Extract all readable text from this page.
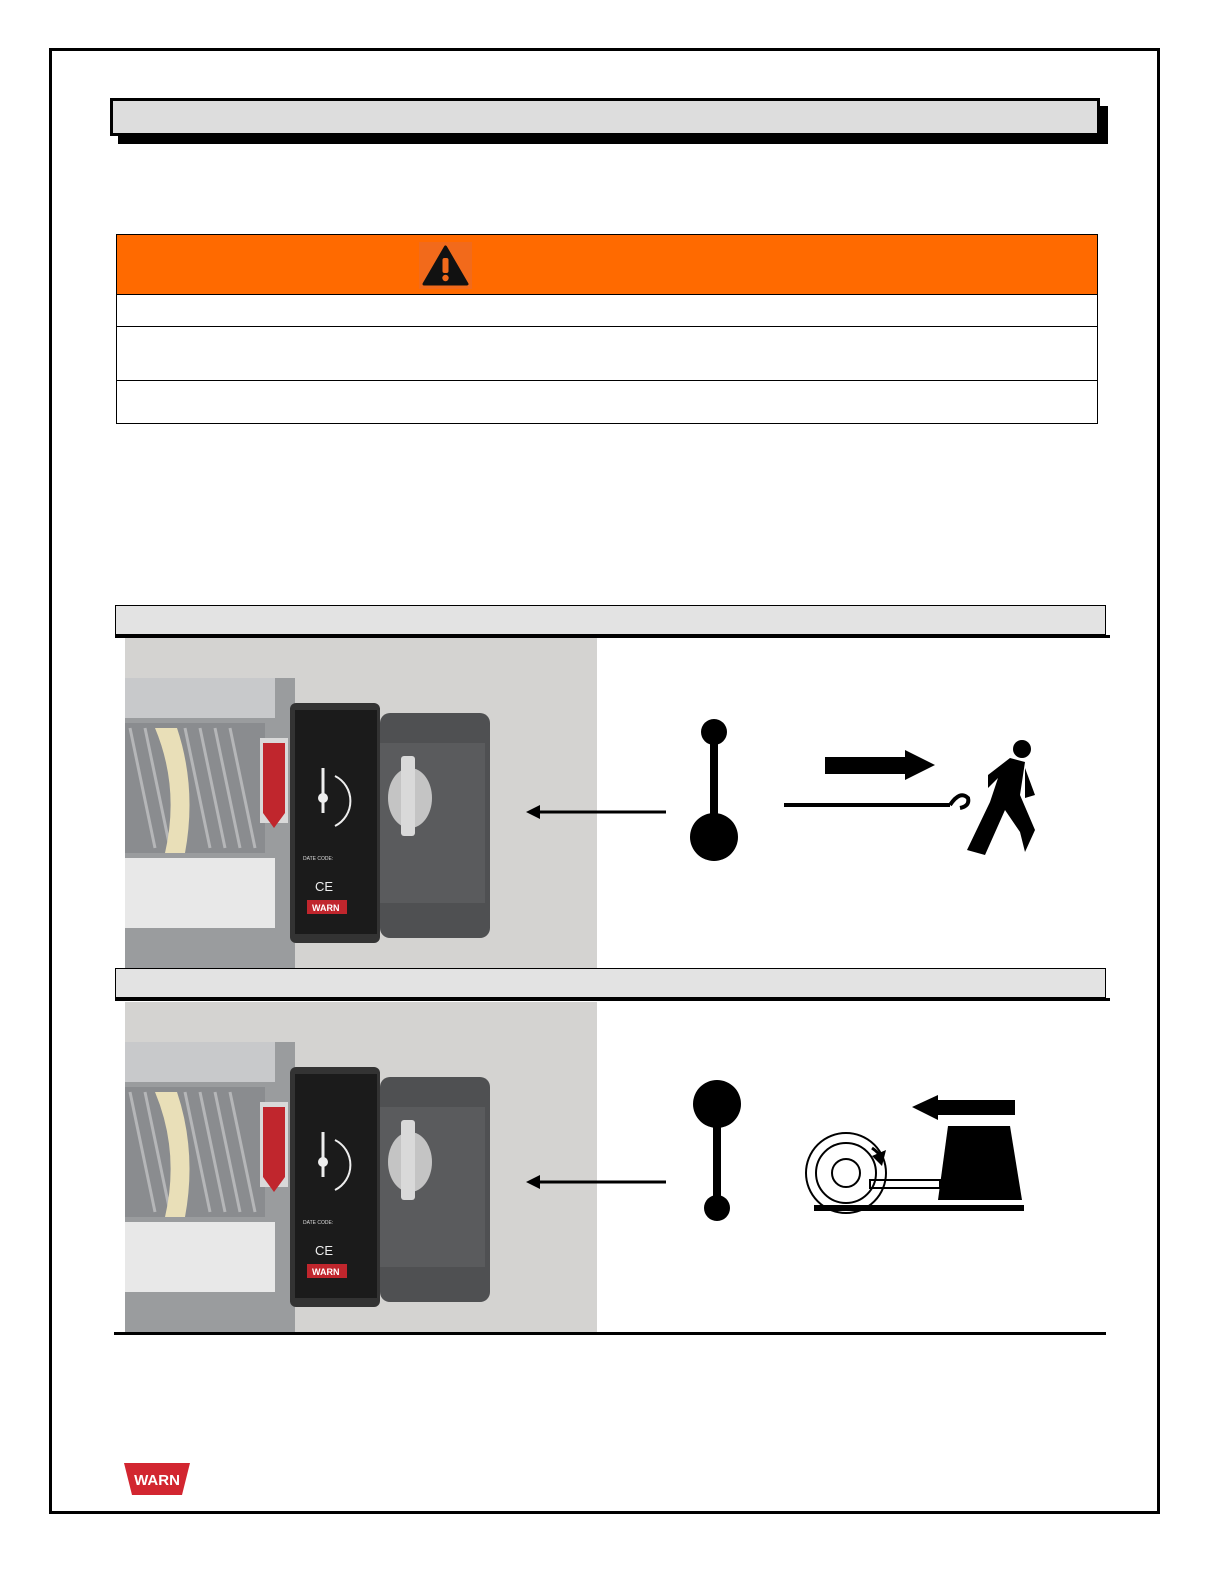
DATE CODE:
CE
WARN
DATE CODE:
CE
WARN
WARN
